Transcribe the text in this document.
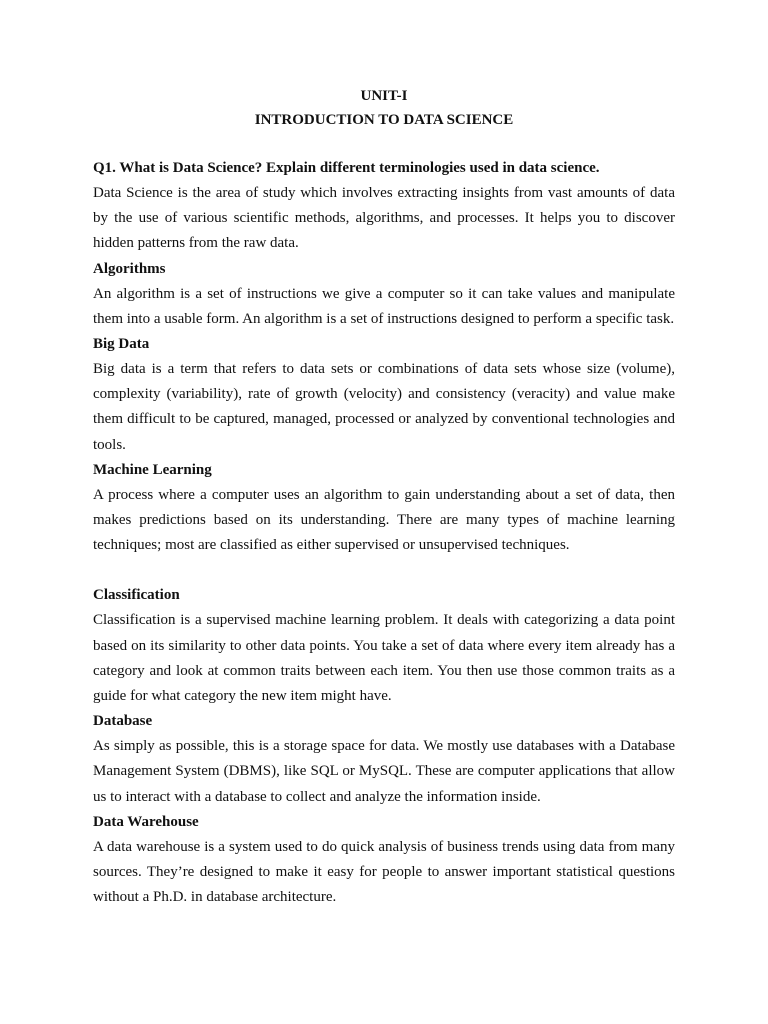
UNIT-I

INTRODUCTION TO DATA SCIENCE

Q1. What is Data Science? Explain different terminologies used in data science.

Data Science is the area of study which involves extracting insights from vast amounts of data by the use of various scientific methods, algorithms, and processes. It helps you to discover hidden patterns from the raw data.

Algorithms

An algorithm is a set of instructions we give a computer so it can take values and manipulate them into a usable form. An algorithm is a set of instructions designed to perform a specific task.

Big Data

Big data is a term that refers to data sets or combinations of data sets whose size (volume), complexity (variability), rate of growth (velocity) and consistency (veracity) and value make them difficult to be captured, managed, processed or analyzed by conventional technologies and tools.

Machine Learning

A process where a computer uses an algorithm to gain understanding about a set of data, then makes predictions based on its understanding. There are many types of machine learning techniques; most are classified as either supervised or unsupervised techniques.

Classification

Classification is a supervised machine learning problem. It deals with categorizing a data point based on its similarity to other data points. You take a set of data where every item already has a category and look at common traits between each item. You then use those common traits as a guide for what category the new item might have.

Database

As simply as possible, this is a storage space for data. We mostly use databases with a Database Management System (DBMS), like SQL or MySQL. These are computer applications that allow us to interact with a database to collect and analyze the information inside.

Data Warehouse

A data warehouse is a system used to do quick analysis of business trends using data from many sources. They’re designed to make it easy for people to answer important statistical questions without a Ph.D. in database architecture.
